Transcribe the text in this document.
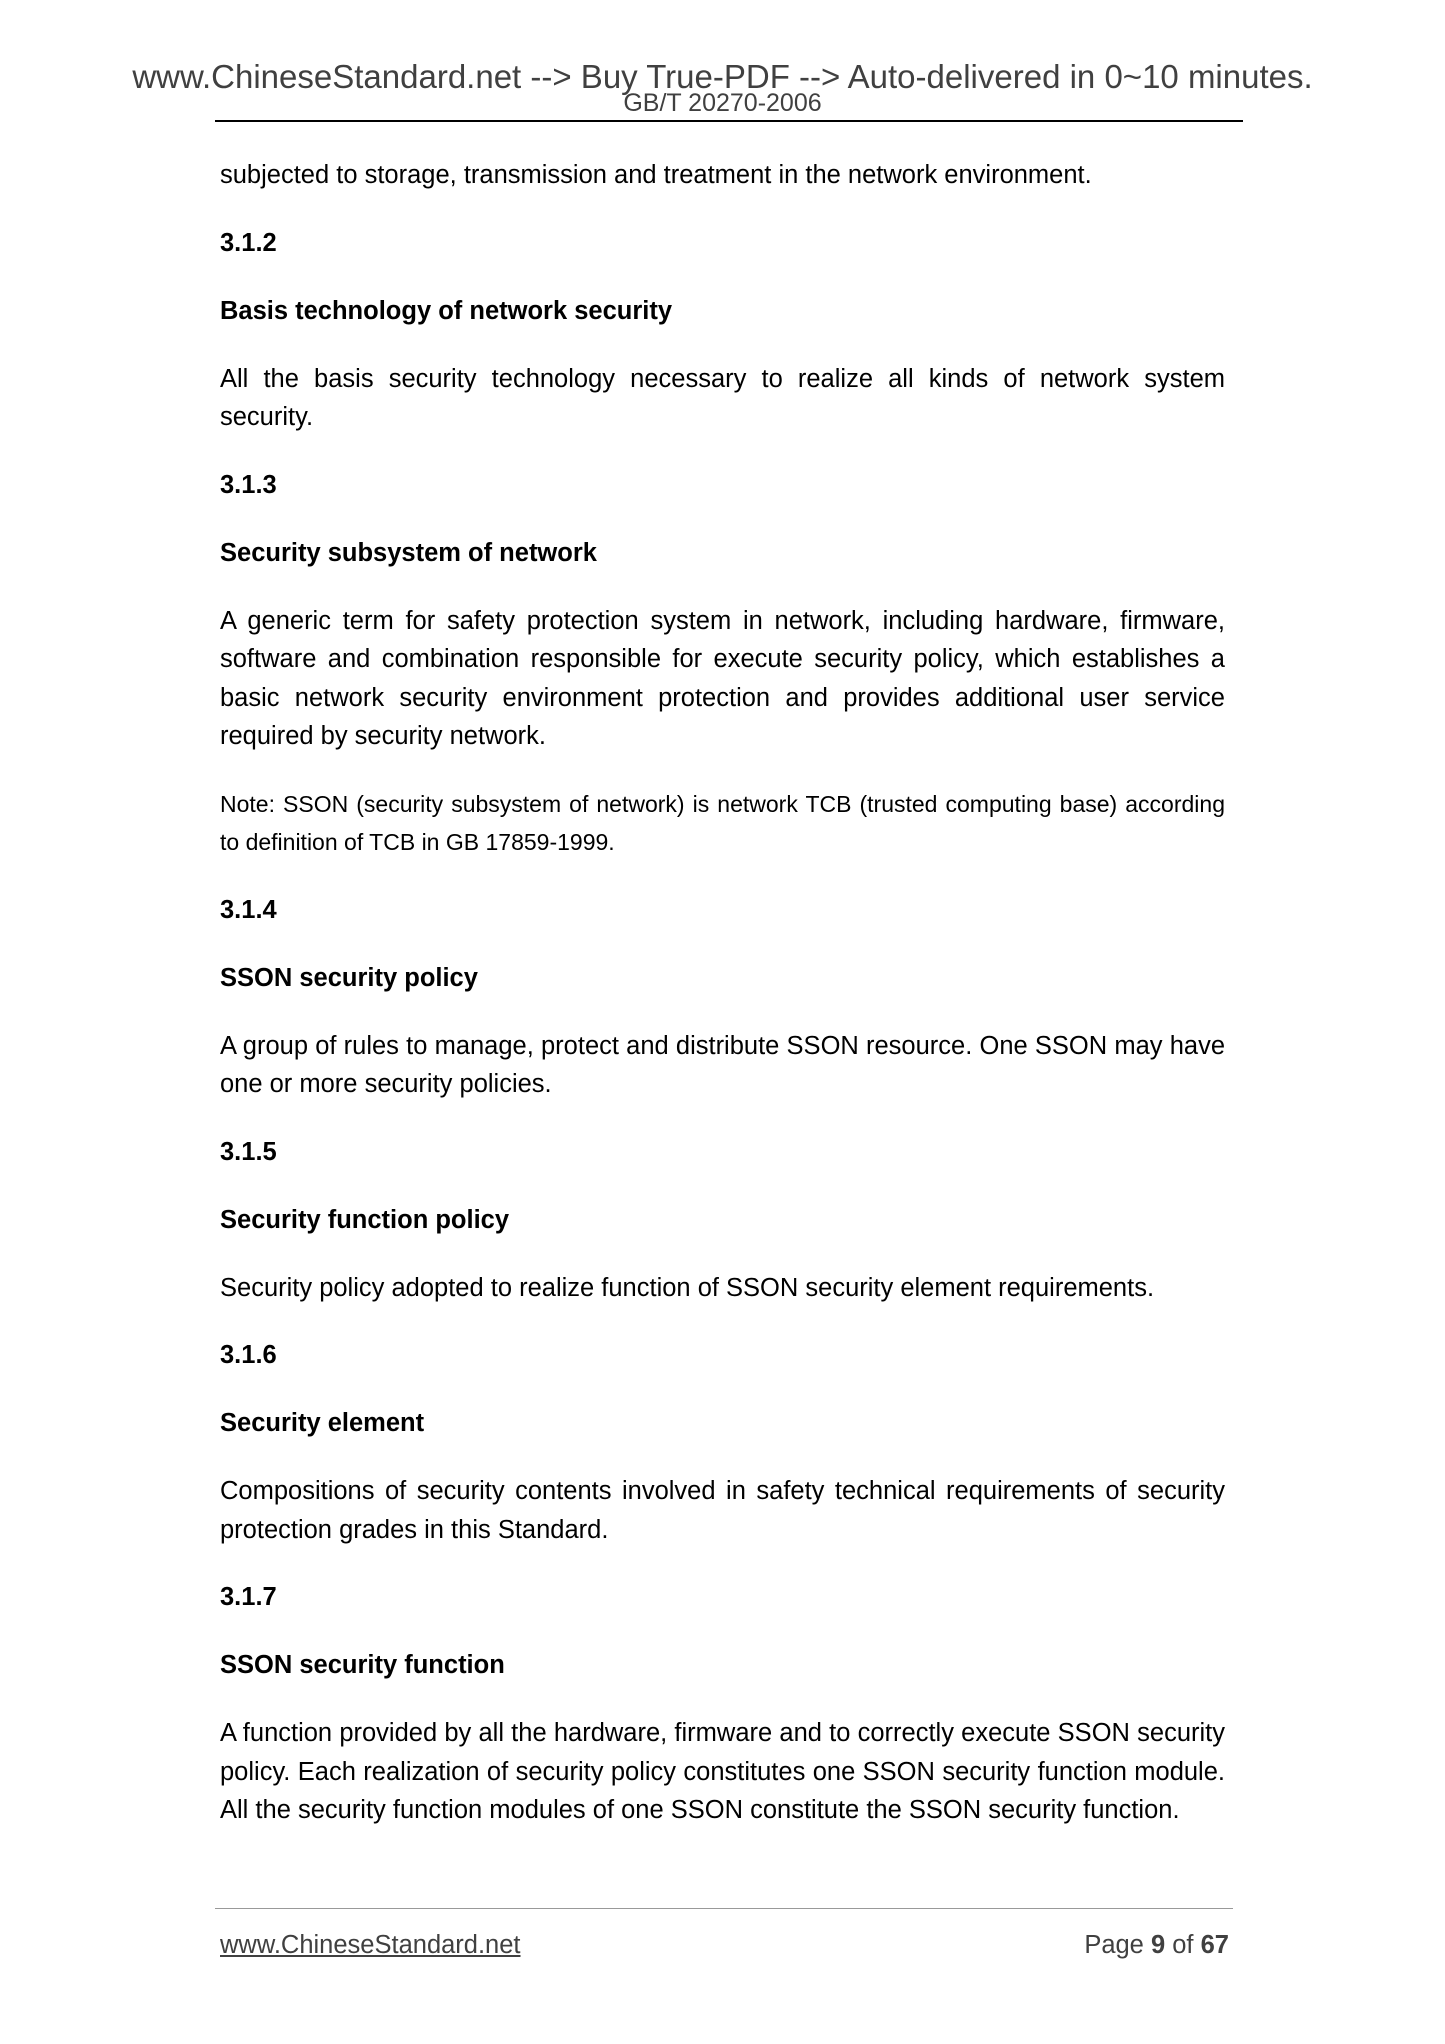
www.ChineseStandard.net --> Buy True-PDF --> Auto-delivered in 0~10 minutes.
GB/T 20270-2006
subjected to storage, transmission and treatment in the network environment.
3.1.2
Basis technology of network security
All the basis security technology necessary to realize all kinds of network system security.
3.1.3
Security subsystem of network
A generic term for safety protection system in network, including hardware, firmware, software and combination responsible for execute security policy, which establishes a basic network security environment protection and provides additional user service required by security network.
Note: SSON (security subsystem of network) is network TCB (trusted computing base) according to definition of TCB in GB 17859-1999.
3.1.4
SSON security policy
A group of rules to manage, protect and distribute SSON resource. One SSON may have one or more security policies.
3.1.5
Security function policy
Security policy adopted to realize function of SSON security element requirements.
3.1.6
Security element
Compositions of security contents involved in safety technical requirements of security protection grades in this Standard.
3.1.7
SSON security function
A function provided by all the hardware, firmware and to correctly execute SSON security policy. Each realization of security policy constitutes one SSON security function module. All the security function modules of one SSON constitute the SSON security function.
www.ChineseStandard.net	Page 9 of 67
